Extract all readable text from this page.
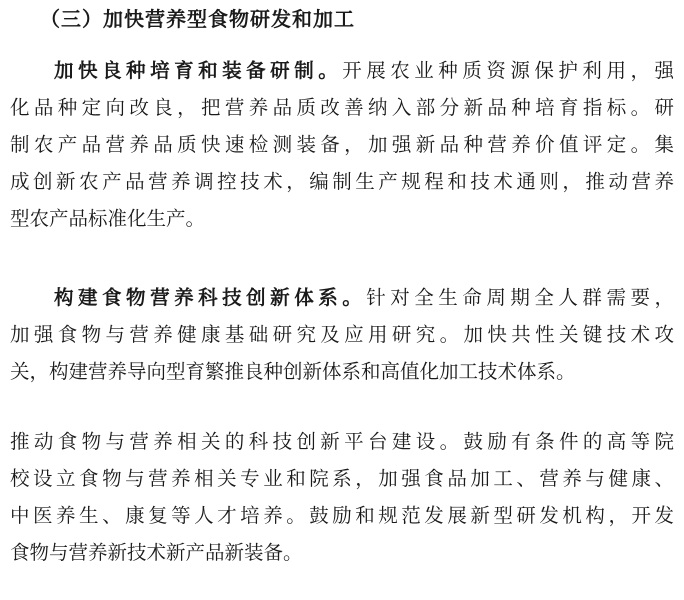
（三）加快营养型食物研发和加工
加快良种培育和装备研制。开展农业种质资源保护利用，强
化品种定向改良，把营养品质改善纳入部分新品种培育指标。研
制农产品营养品质快速检测装备，加强新品种营养价值评定。集
成创新农产品营养调控技术，编制生产规程和技术通则，推动营养
型农产品标准化生产。
构建食物营养科技创新体系。针对全生命周期全人群需要，
加强食物与营养健康基础研究及应用研究。加快共性关键技术攻
关，构建营养导向型育繁推良种创新体系和高值化加工技术体系。
推动食物与营养相关的科技创新平台建设。鼓励有条件的高等院
校设立食物与营养相关专业和院系，加强食品加工、营养与健康、
中医养生、康复等人才培养。鼓励和规范发展新型研发机构，开发
食物与营养新技术新产品新装备。
